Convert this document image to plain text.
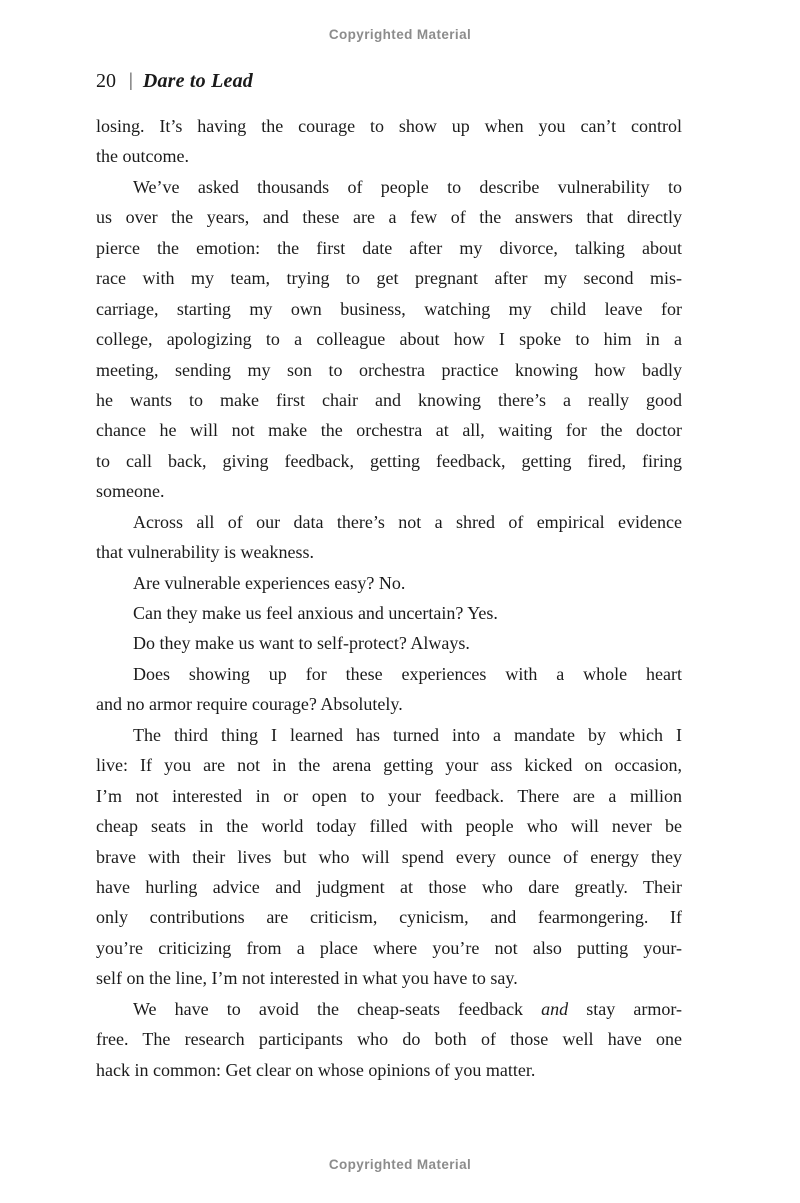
Copyrighted Material
20 | Dare to Lead
losing. It’s having the courage to show up when you can’t control
the outcome.
We’ve asked thousands of people to describe vulnerability to
us over the years, and these are a few of the answers that directly
pierce the emotion: the first date after my divorce, talking about
race with my team, trying to get pregnant after my second mis-
carriage, starting my own business, watching my child leave for
college, apologizing to a colleague about how I spoke to him in a
meeting, sending my son to orchestra practice knowing how badly
he wants to make first chair and knowing there’s a really good
chance he will not make the orchestra at all, waiting for the doctor
to call back, giving feedback, getting feedback, getting fired, firing
someone.
Across all of our data there’s not a shred of empirical evidence
that vulnerability is weakness.
Are vulnerable experiences easy? No.
Can they make us feel anxious and uncertain? Yes.
Do they make us want to self-protect? Always.
Does showing up for these experiences with a whole heart
and no armor require courage? Absolutely.
The third thing I learned has turned into a mandate by which I
live: If you are not in the arena getting your ass kicked on occasion,
I’m not interested in or open to your feedback. There are a million
cheap seats in the world today filled with people who will never be
brave with their lives but who will spend every ounce of energy they
have hurling advice and judgment at those who dare greatly. Their
only contributions are criticism, cynicism, and fearmongering. If
you’re criticizing from a place where you’re not also putting your-
self on the line, I’m not interested in what you have to say.
We have to avoid the cheap-seats feedback and stay armor-
free. The research participants who do both of those well have one
hack in common: Get clear on whose opinions of you matter.
Copyrighted Material
